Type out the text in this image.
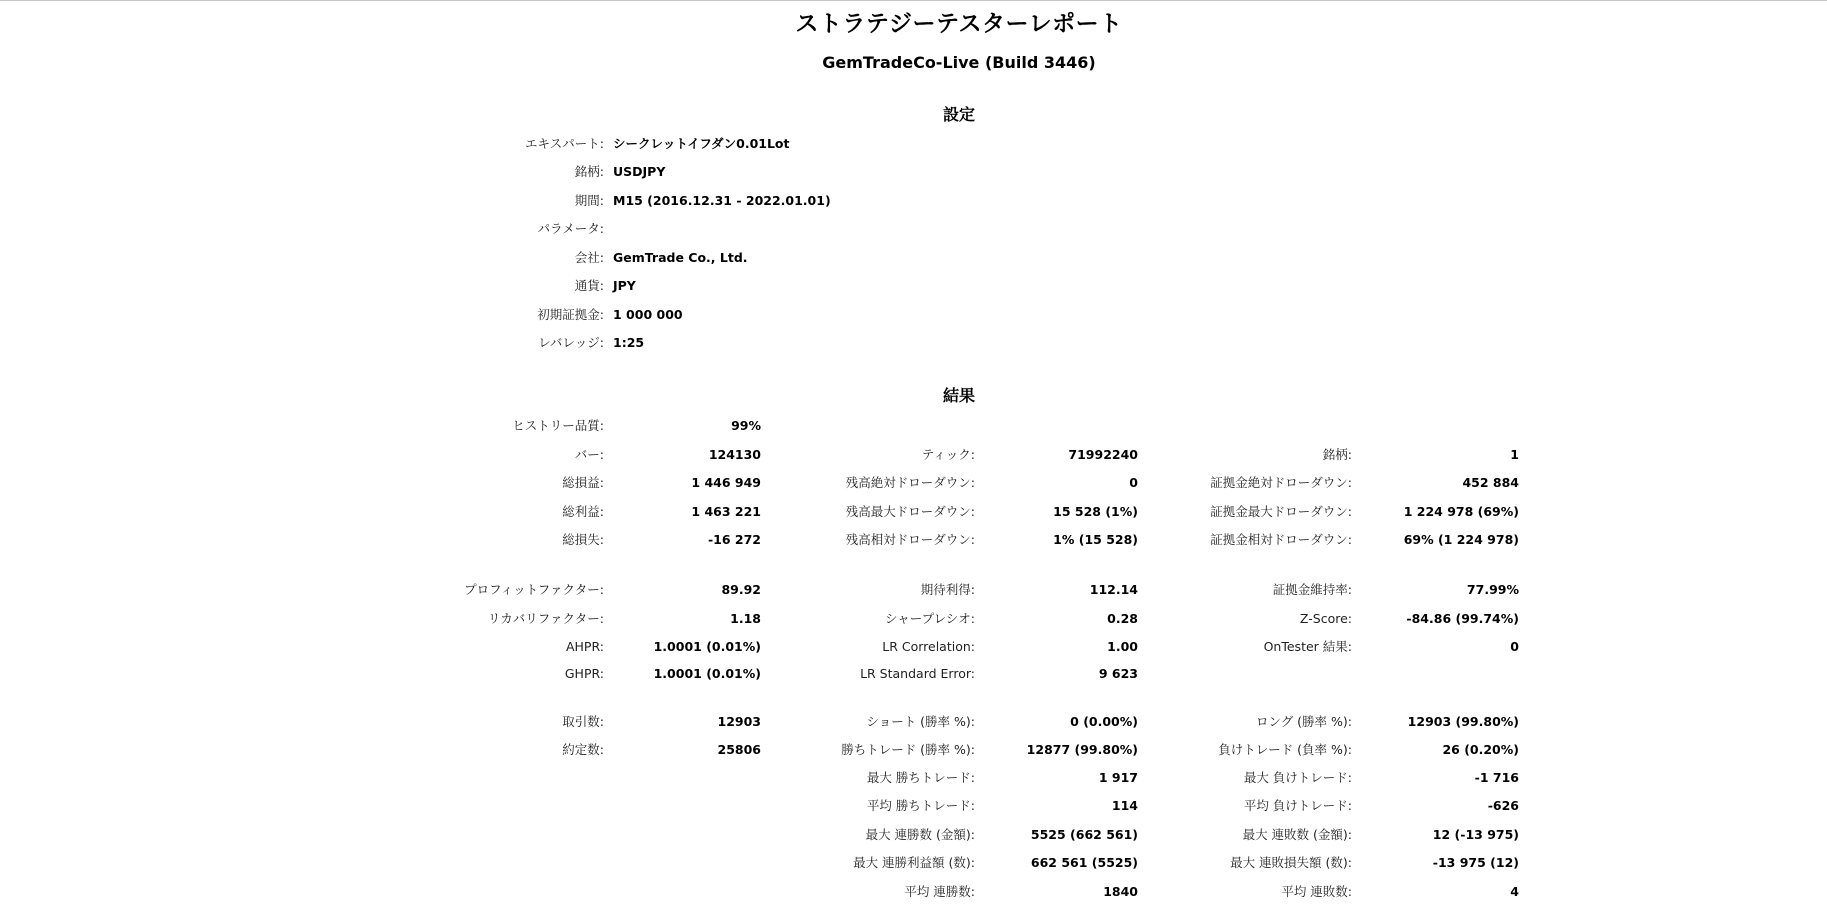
ストラテジーテスターレポート
GemTradeCo-Live (Build 3446)
設定
エキスパート: シークレットイフダン0.01Lot
銘柄: USDJPY
期間: M15 (2016.12.31 - 2022.01.01)
パラメータ:
会社: GemTrade Co., Ltd.
通貨: JPY
初期証拠金: 1 000 000
レバレッジ: 1:25
結果
ヒストリー品質:	99%
バー:	124130	ティック:	71992240	銘柄:	1
総損益:	1 446 949	残高絶対ドローダウン:	0	証拠金絶対ドローダウン:	452 884
総利益:	1 463 221	残高最大ドローダウン:	15 528 (1%)	証拠金最大ドローダウン:	1 224 978 (69%)
総損失:	-16 272	残高相対ドローダウン:	1% (15 528)	証拠金相対ドローダウン:	69% (1 224 978)
プロフィットファクター:	89.92	期待利得:	112.14	証拠金維持率:	77.99%
リカバリファクター:	1.18	シャープレシオ:	0.28	Z-Score:	-84.86 (99.74%)
AHPR:	1.0001 (0.01%)	LR Correlation:	1.00	OnTester 結果:	0
GHPR:	1.0001 (0.01%)	LR Standard Error:	9 623
取引数:	12903	ショート (勝率 %):	0 (0.00%)	ロング (勝率 %):	12903 (99.80%)
約定数:	25806	勝ちトレード (勝率 %):	12877 (99.80%)	負けトレード (負率 %):	26 (0.20%)
最大 勝ちトレード:	1 917	最大 負けトレード:	-1 716
平均 勝ちトレード:	114	平均 負けトレード:	-626
最大 連勝数 (金額):	5525 (662 561)	最大 連敗数 (金額):	12 (-13 975)
最大 連勝利益額 (数):	662 561 (5525)	最大 連敗損失額 (数):	-13 975 (12)
平均 連勝数:	1840	平均 連敗数:	4
